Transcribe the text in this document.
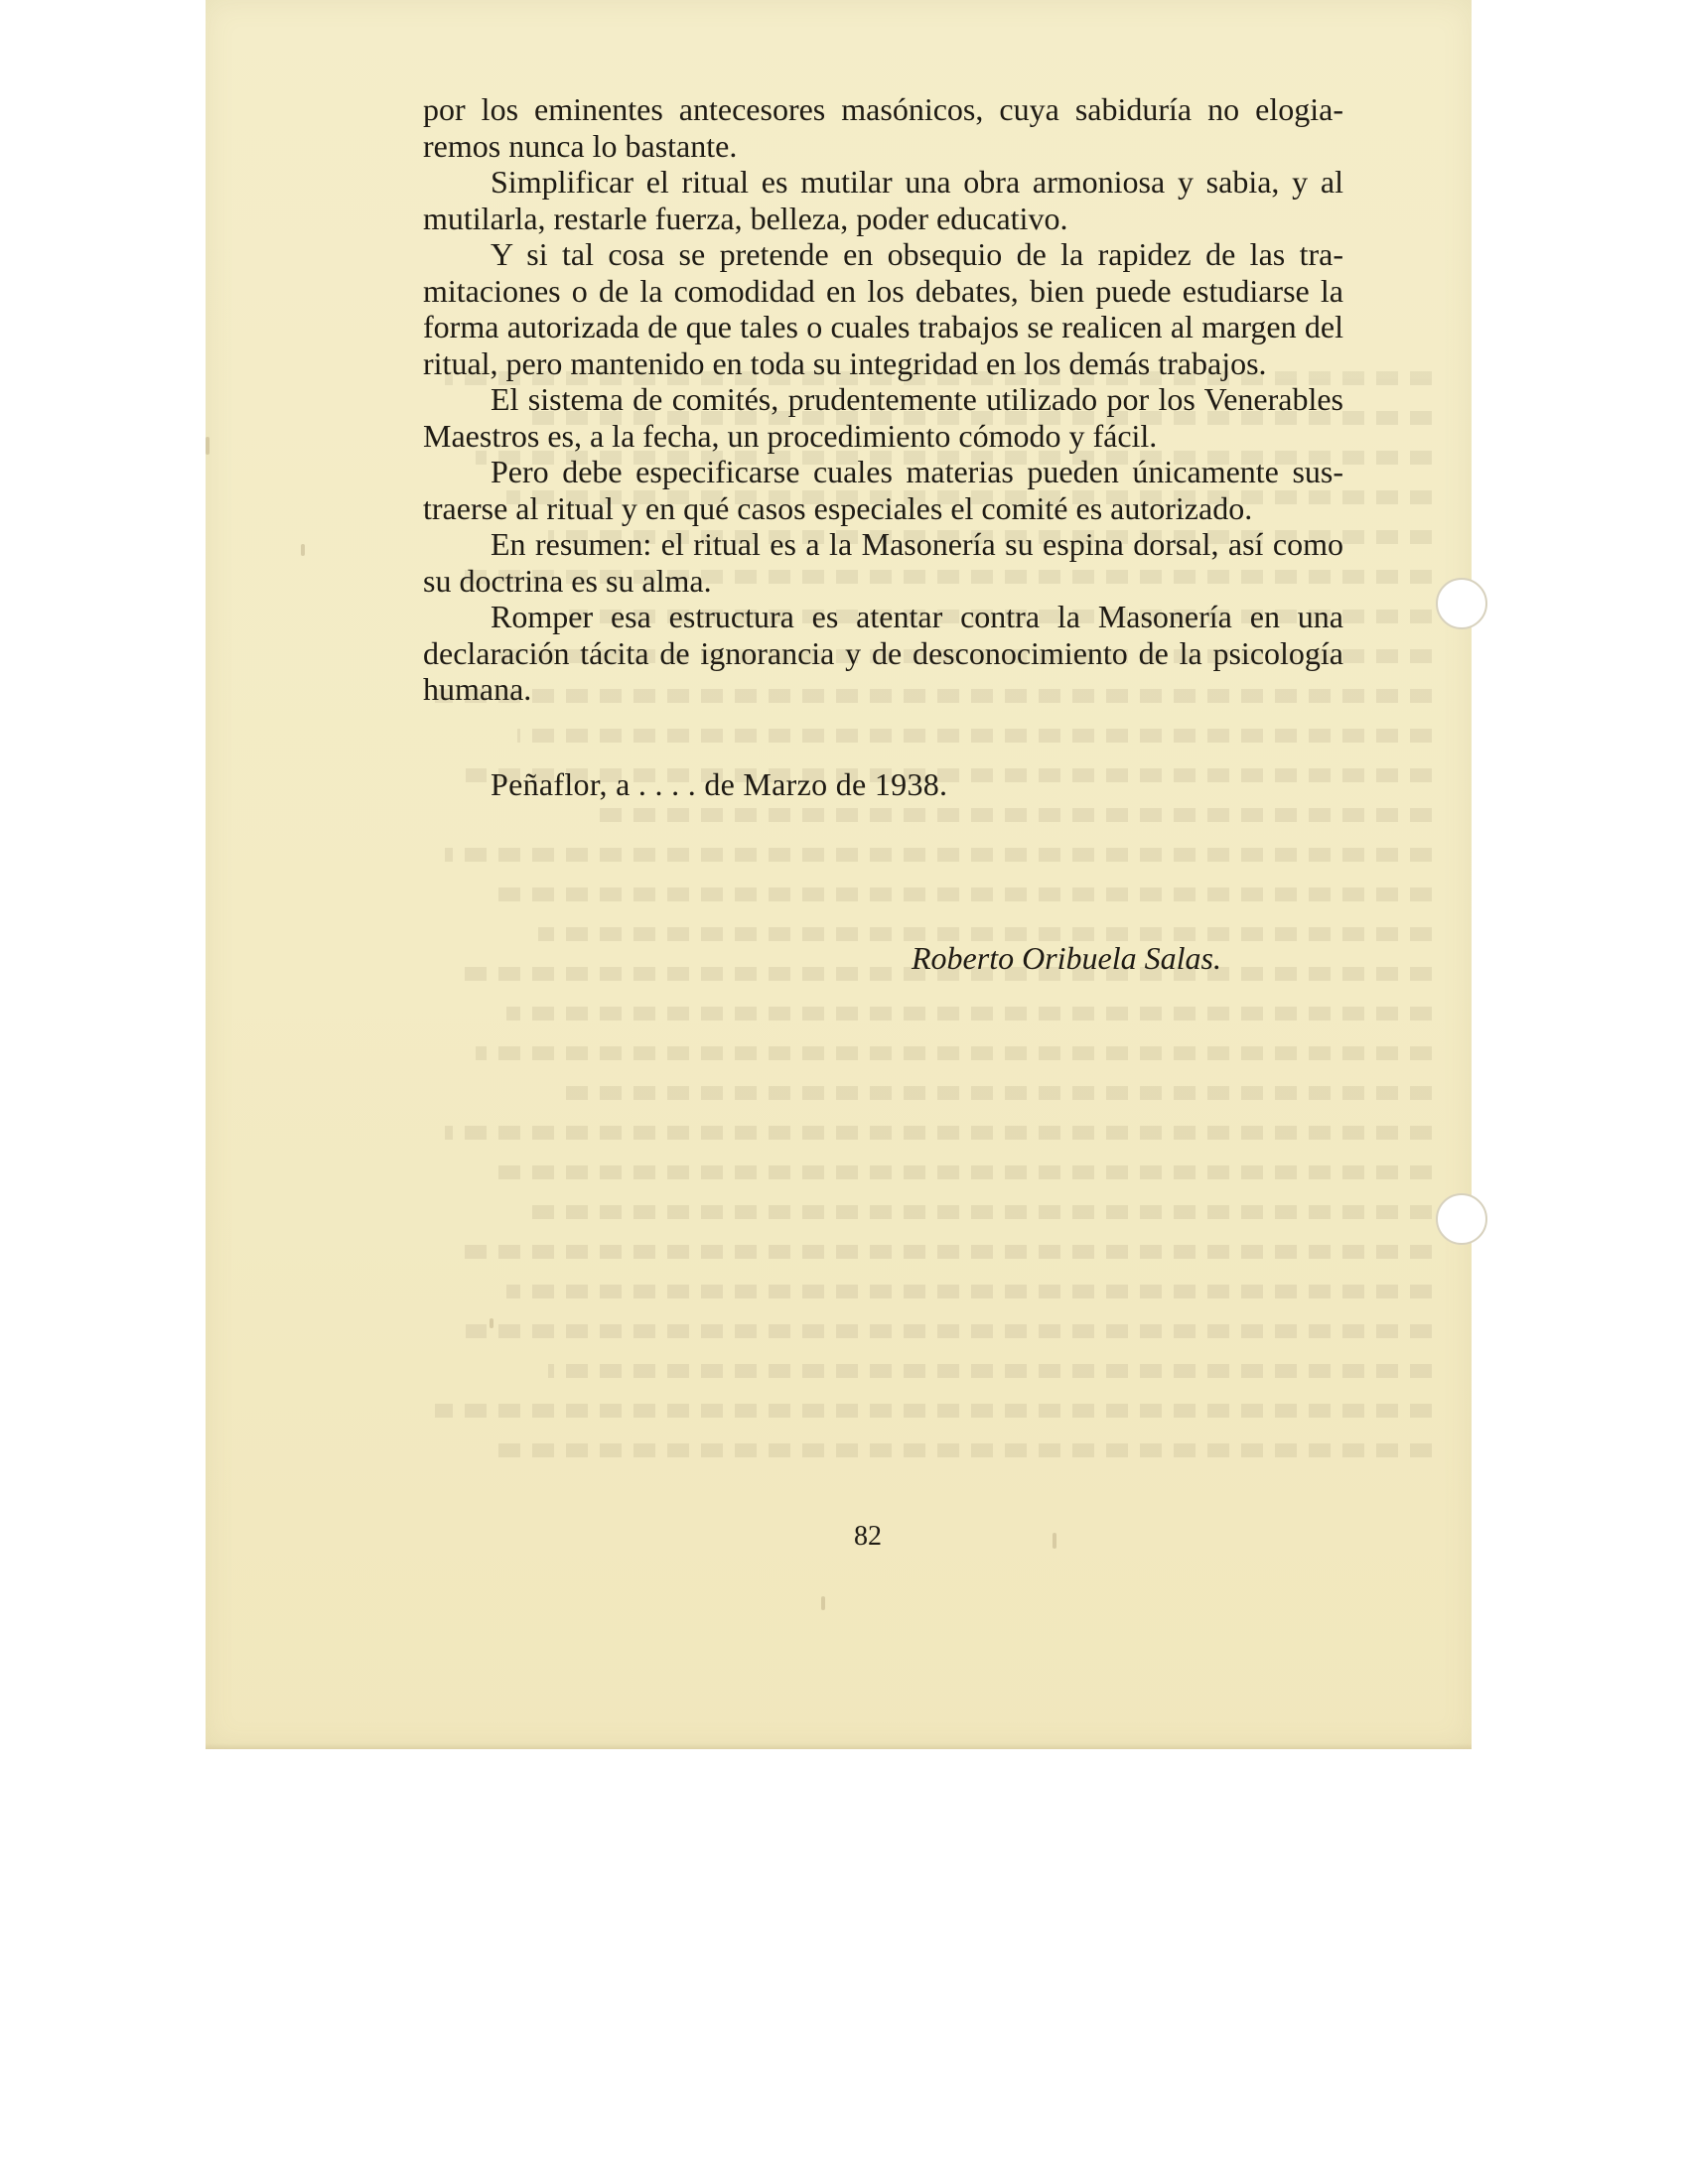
por los eminentes antecesores masónicos, cuya sabiduría no elogiaremos nunca lo bastante.

Simplificar el ritual es mutilar una obra armoniosa y sabia, y al mutilarla, restarle fuerza, belleza, poder educativo.

Y si tal cosa se pretende en obsequio de la rapidez de las tramitaciones o de la comodidad en los debates, bien puede estudiarse la forma autorizada de que tales o cuales trabajos se realicen al margen del ritual, pero mantenido en toda su integridad en los demás trabajos.

El sistema de comités, prudentemente utilizado por los Venerables Maestros es, a la fecha, un procedimiento cómodo y fácil.

Pero debe especificarse cuales materias pueden únicamente sustraerse al ritual y en qué casos especiales el comité es autorizado.

En resumen: el ritual es a la Masonería su espina dorsal, así como su doctrina es su alma.

Romper esa estructura es atentar contra la Masonería en una declaración tácita de ignorancia y de desconocimiento de la psicología humana.

Peñaflor, a . . . . de Marzo de 1938.

Roberto Oribuela Salas.

82
